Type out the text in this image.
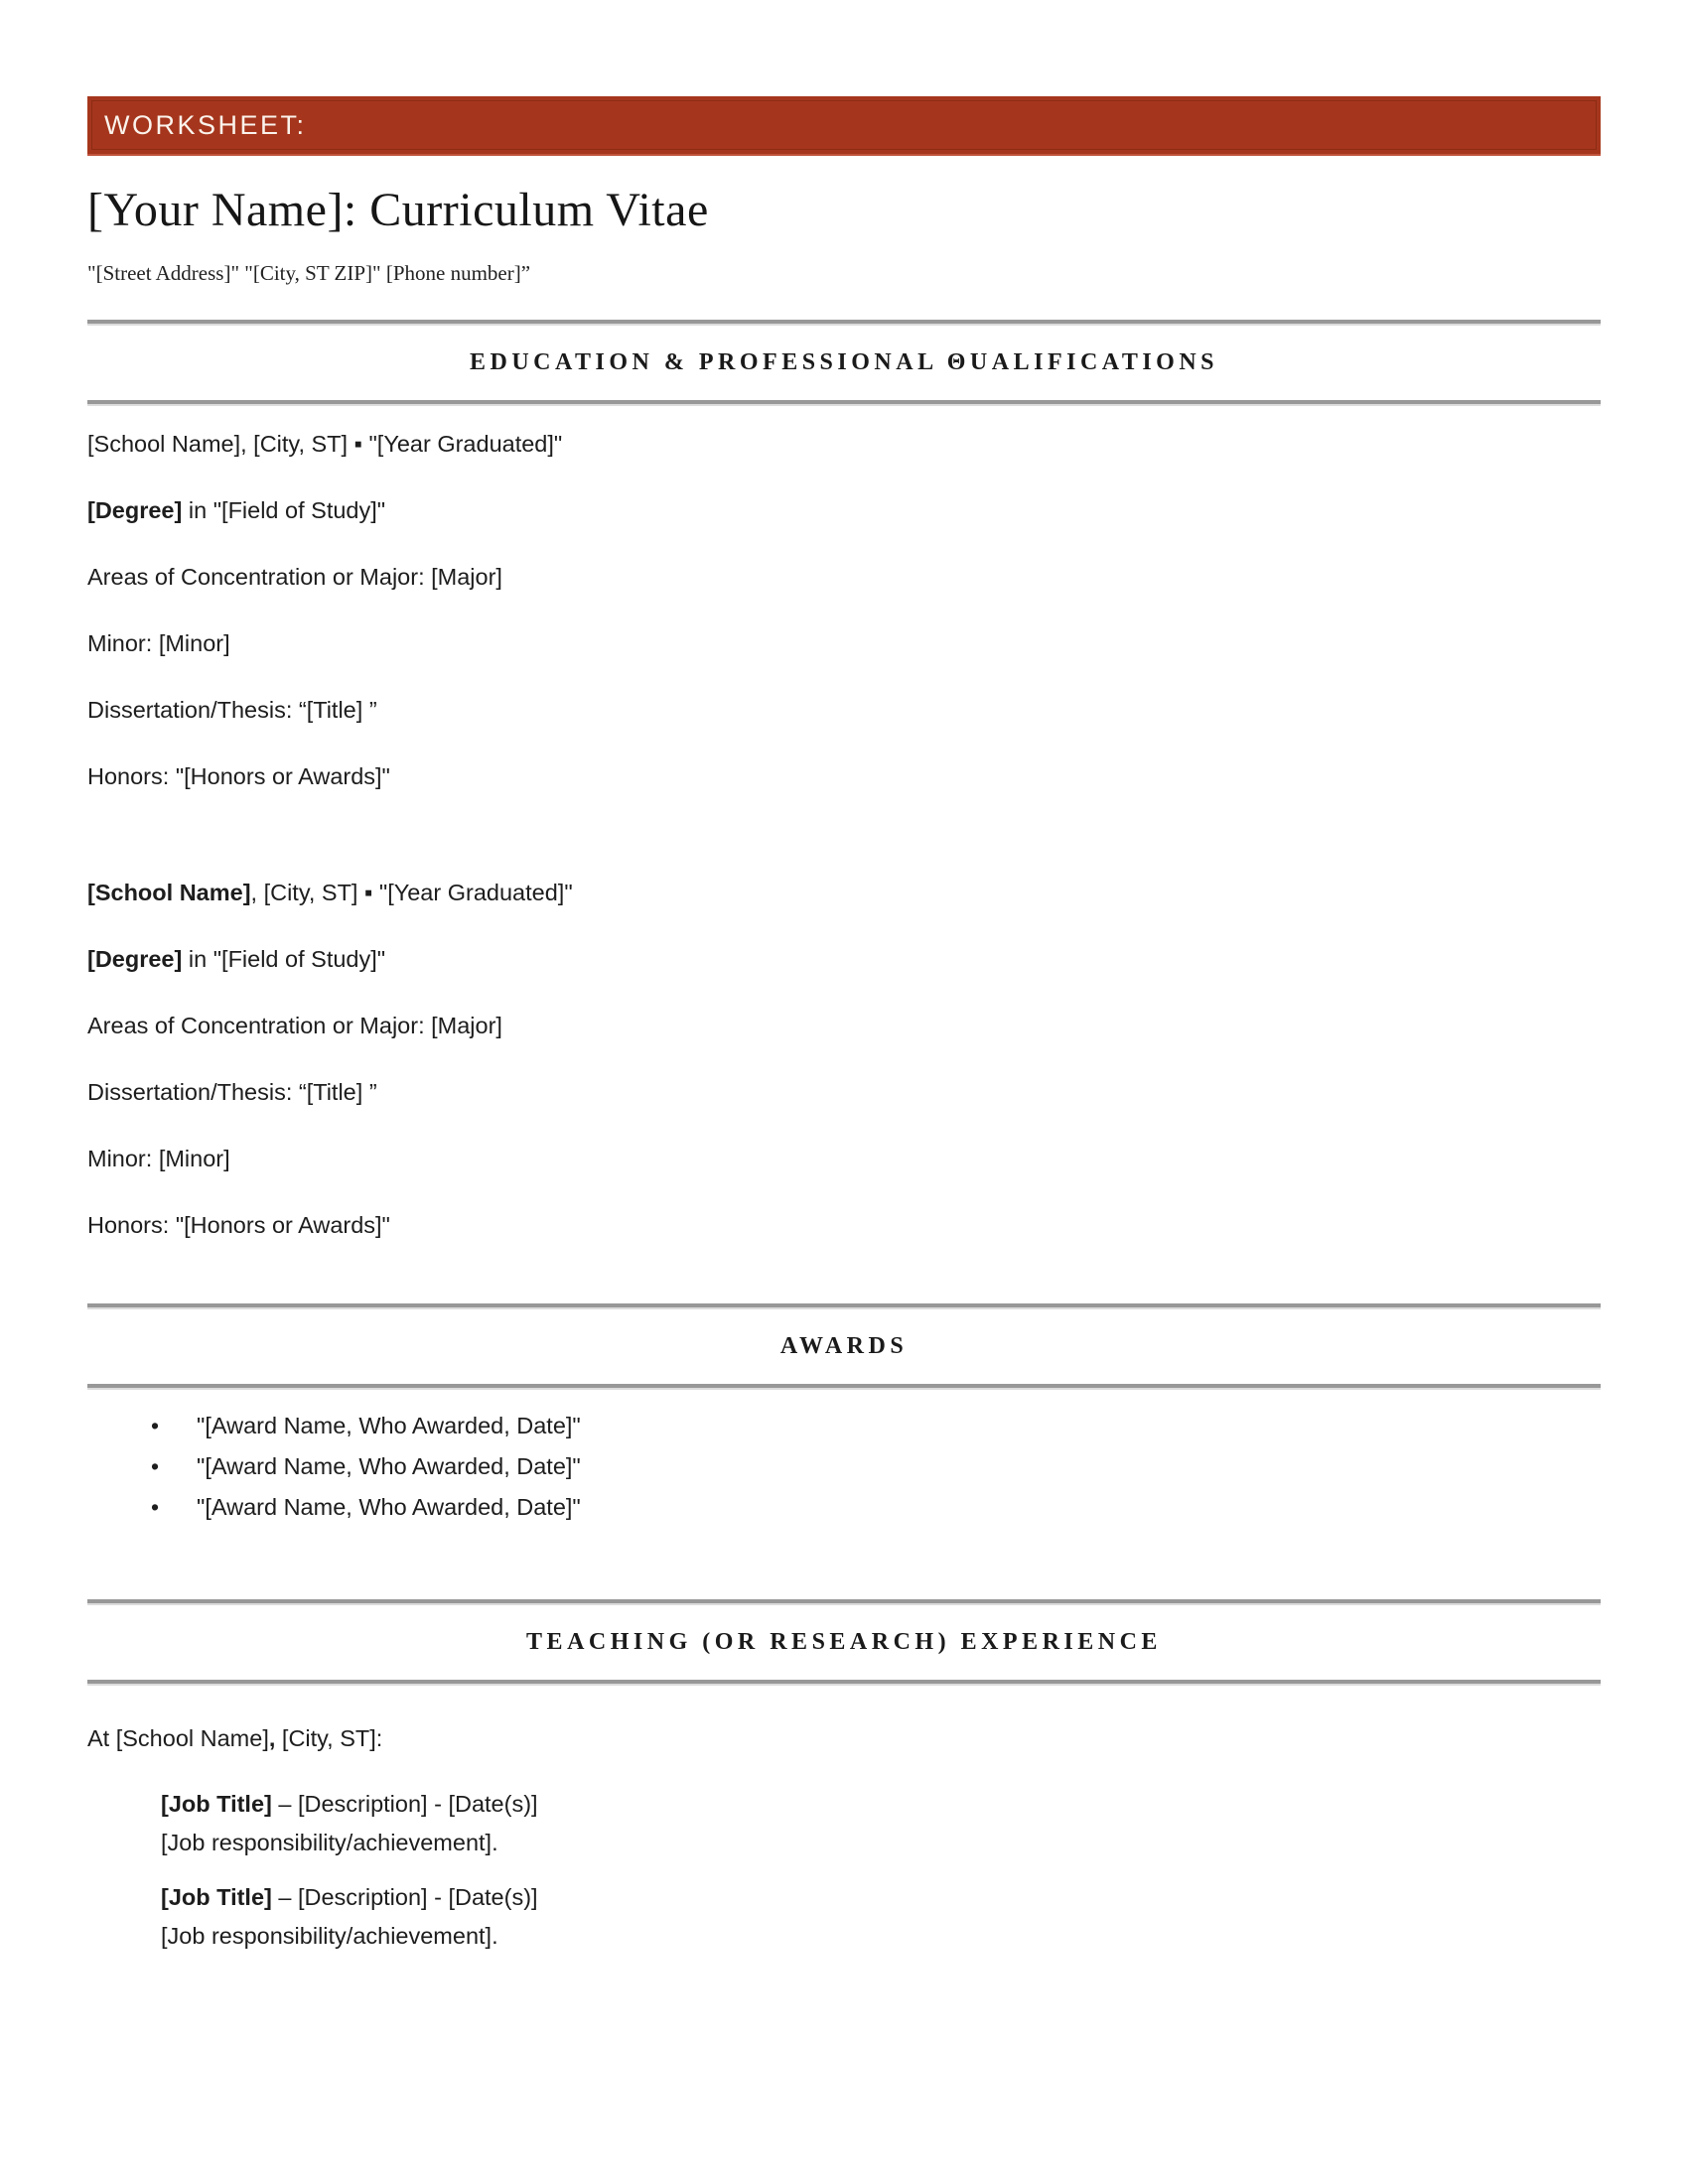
WORKSHEET:
[Your Name]: Curriculum Vitae
"[Street Address]" "[City, ST ZIP]" [Phone number]”
EDUCATION & PROFESSIONAL ΘUALIFICATIONS

[School Name], [City, ST] ▪ "[Year Graduated]"

[Degree] in "[Field of Study]"

Areas of Concentration or Major: [Major]

Minor: [Minor]

Dissertation/Thesis: “[Title] ”

Honors: "[Honors or Awards]"

[School Name], [City, ST] ▪ "[Year Graduated]"

[Degree] in "[Field of Study]"

Areas of Concentration or Major: [Major]

Dissertation/Thesis: “[Title] ”

Minor: [Minor]

Honors: "[Honors or Awards]"

AWARDS
•	"[Award Name, Who Awarded, Date]"
•	"[Award Name, Who Awarded, Date]"
•	"[Award Name, Who Awarded, Date]"
TEACHING (OR RESEARCH) EXPERIENCE

At [School Name], [City, ST]:

[Job Title] – [Description] - [Date(s)]

[Job responsibility/achievement].

[Job Title] – [Description] - [Date(s)]

[Job responsibility/achievement].
